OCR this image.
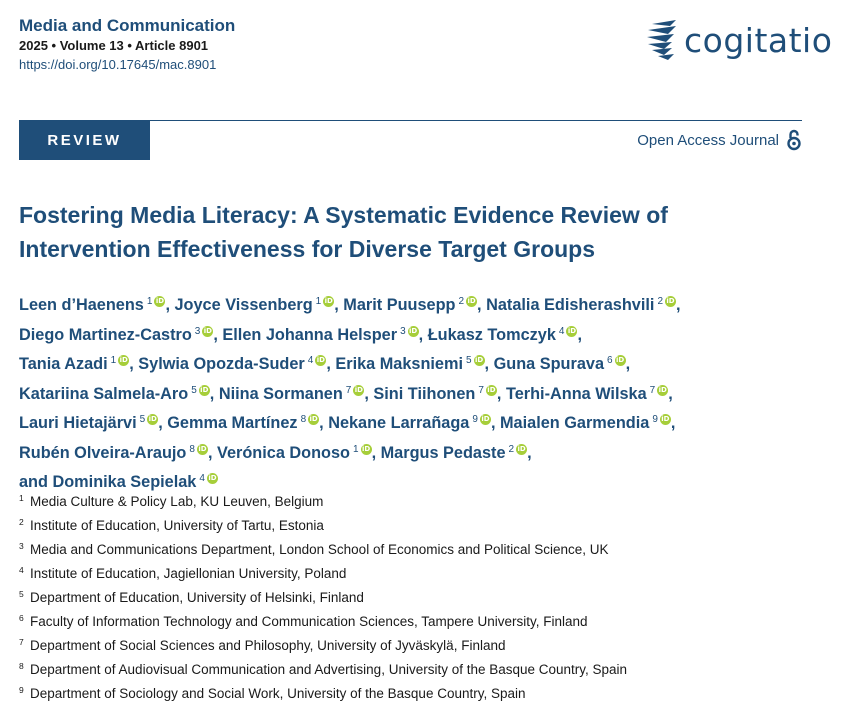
Media and Communication
2025 • Volume 13 • Article 8901
https://doi.org/10.17645/mac.8901
cogitatio
REVIEW	Open Access Journal
Fostering Media Literacy: A Systematic Evidence Review of Intervention Effectiveness for Diverse Target Groups
Leen d’Haenens $^1$ iD, Joyce Vissenberg $^1$ iD, Marit Puusepp $^2$ iD, Natalia Edisherashvili $^2$ iD,
Diego Martinez-Castro $^3$ iD, Ellen Johanna Helsper $^3$ iD, Łukasz Tomczyk $^4$ iD,
Tania Azadi $^1$ iD, Sylwia Opozda-Suder $^4$ iD, Erika Maksniemi $^5$ iD, Guna Spurava $^6$ iD,
Katariina Salmela-Aro $^5$ iD, Niina Sormanen $^7$ iD, Sini Tiihonen $^7$ iD, Terhi-Anna Wilska $^7$ iD,
Lauri Hietajärvi $^5$ iD, Gemma Martínez $^8$ iD, Nekane Larrañaga $^9$ iD, Maialen Garmendia $^9$ iD,
Rubén Olveira-Araujo $^8$ iD, Verónica Donoso $^1$ iD, Margus Pedaste $^2$ iD,
and Dominika Sepielak $^4$ iD
$^1$ Media Culture & Policy Lab, KU Leuven, Belgium
$^2$ Institute of Education, University of Tartu, Estonia
$^3$ Media and Communications Department, London School of Economics and Political Science, UK
$^4$ Institute of Education, Jagiellonian University, Poland
$^5$ Department of Education, University of Helsinki, Finland
$^6$ Faculty of Information Technology and Communication Sciences, Tampere University, Finland
$^7$ Department of Social Sciences and Philosophy, University of Jyväskylä, Finland
$^8$ Department of Audiovisual Communication and Advertising, University of the Basque Country, Spain
$^9$ Department of Sociology and Social Work, University of the Basque Country, Spain
